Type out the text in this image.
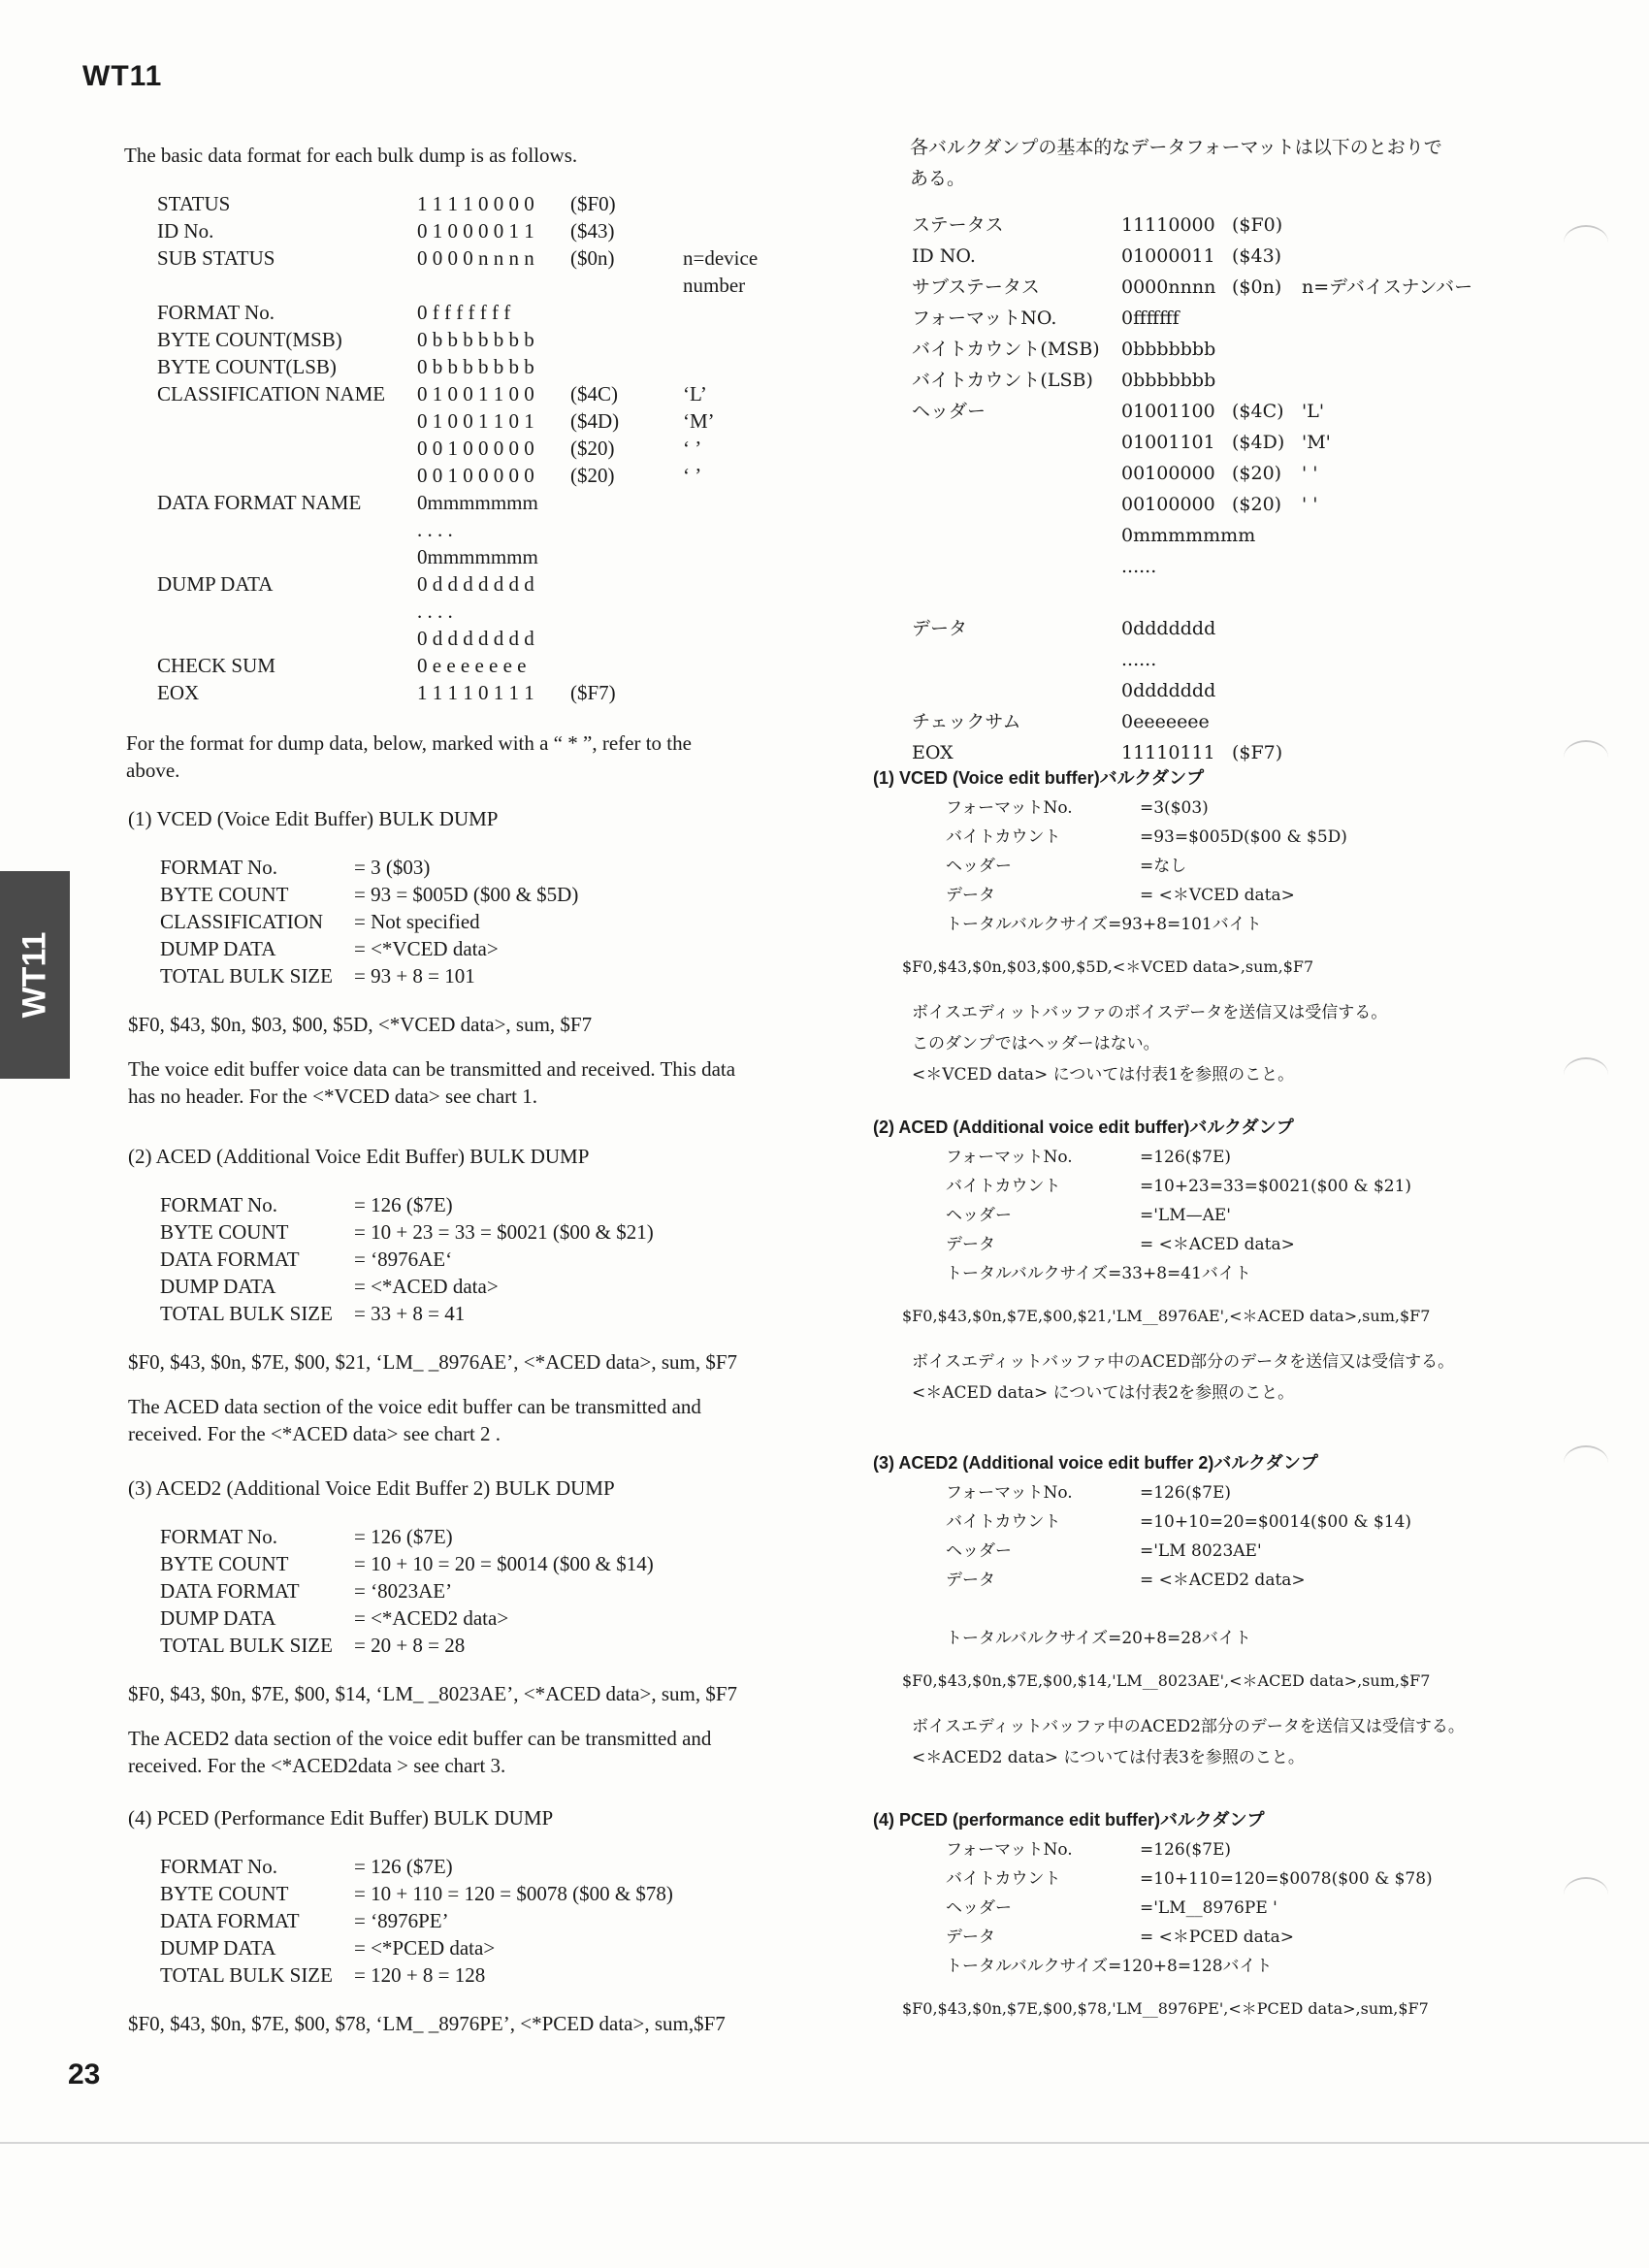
WT11
WT11
23
The basic data format for each bulk dump is as follows.
STATUS	1 1 1 1 0 0 0 0 ($F0)
ID No.	0 1 0 0 0 0 1 1 ($43)
SUB STATUS	0 0 0 0 n n n n ($0n)	n=device
number
FORMAT No.	0 f f f f f f f
BYTE COUNT(MSB)	0 b b b b b b b
BYTE COUNT(LSB)	0 b b b b b b b
CLASSIFICATION NAME 0 1 0 0 1 1 0 0 ($4C)	‘L’
0 1 0 0 1 1 0 1 ($4D)	‘M’
0 0 1 0 0 0 0 0 ($20)	‘ ’
0 0 1 0 0 0 0 0 ($20)	‘ ’
DATA FORMAT NAME	0mmmmmmm
. . . .
0mmmmmmm
DUMP DATA	0 d d d d d d d
. . . .
0 d d d d d d d
CHECK SUM	0 e e e e e e e
EOX	1 1 1 1 0 1 1 1 ($F7)
For the format for dump data, below, marked with a “ * ”, refer to the
above.
(1) VCED (Voice Edit Buffer) BULK DUMP
FORMAT No.	= 3 ($03)
BYTE COUNT	= 93 = $005D ($00 & $5D)
CLASSIFICATION = Not specified
DUMP DATA	= <*VCED data>
TOTAL BULK SIZE = 93 + 8 = 101
$F0, $43, $0n, $03, $00, $5D, <*VCED data>, sum, $F7
The voice edit buffer voice data can be transmitted and received. This data
has no header. For the <*VCED data> see chart 1.
(2) ACED (Additional Voice Edit Buffer) BULK DUMP
FORMAT No.	= 126 ($7E)
BYTE COUNT	= 10 + 23 = 33 = $0021 ($00 & $21)
DATA FORMAT	= ‘8976AE‘
DUMP DATA	= <*ACED data>
TOTAL BULK SIZE = 33 + 8 = 41
$F0, $43, $0n, $7E, $00, $21, ‘LM_ _8976AE’, <*ACED data>, sum, $F7
The ACED data section of the voice edit buffer can be transmitted and
received. For the <*ACED data> see chart 2 .
(3) ACED2 (Additional Voice Edit Buffer 2) BULK DUMP
FORMAT No.	= 126 ($7E)
BYTE COUNT	= 10 + 10 = 20 = $0014 ($00 & $14)
DATA FORMAT	= ‘8023AE’
DUMP DATA	= <*ACED2 data>
TOTAL BULK SIZE = 20 + 8 = 28
$F0, $43, $0n, $7E, $00, $14, ‘LM_ _8023AE’, <*ACED data>, sum, $F7
The ACED2 data section of the voice edit buffer can be transmitted and
received. For the <*ACED2data > see chart 3.
(4) PCED (Performance Edit Buffer) BULK DUMP
FORMAT No.	= 126 ($7E)
BYTE COUNT	= 10 + 110 = 120 = $0078 ($00 & $78)
DATA FORMAT	= ‘8976PE’
DUMP DATA	= <*PCED data>
TOTAL BULK SIZE = 120 + 8 = 128
$F0, $43, $0n, $7E, $00, $78, ‘LM_ _8976PE’, <*PCED data>, sum,$F7
各バルクダンプの基本的なデータフォーマットは以下のとおりで
ある。
ステータス	11110000 ($F0)
ID NO.	01000011 ($43)
サブステータス	0000nnnn ($0n) n=デバイスナンバー
フォーマットNO.	0fffffff
バイトカウント(MSB) 0bbbbbbb
バイトカウント(LSB) 0bbbbbbb
ヘッダー	01001100 ($4C) 'L'
01001101 ($4D) 'M'
00100000 ($20) ' '
00100000 ($20) ' '
0mmmmmmm
......
データ	0ddddddd
......
0ddddddd
チェックサム	0eeeeeee
EOX	11110111 ($F7)
(1) VCED (Voice edit buffer)バルクダンプ
フォーマットNo.	=3($03)
バイトカウント	=93=$005D($00 & $5D)
ヘッダー	=なし
データ	= <＊VCED data>
トータルバルクサイズ=93+8=101バイト
$F0,$43,$0n,$03,$00,$5D,<＊VCED data>,sum,$F7
ボイスエディットバッファのボイスデータを送信又は受信する。
このダンプではヘッダーはない。
<＊VCED data> については付表1を参照のこと。
(2) ACED (Additional voice edit buffer)バルクダンプ
フォーマットNo.	=126($7E)
バイトカウント	=10+23=33=$0021($00 & $21)
ヘッダー	='LM—AE'
データ	= <＊ACED data>
トータルバルクサイズ=33+8=41バイト
$F0,$43,$0n,$7E,$00,$21,'LM__8976AE',<＊ACED data>,sum,$F7
ボイスエディットバッファ中のACED部分のデータを送信又は受信する。
<＊ACED data> については付表2を参照のこと。
(3) ACED2 (Additional voice edit buffer 2)バルクダンプ
フォーマットNo.	=126($7E)
バイトカウント	=10+10=20=$0014($00 & $14)
ヘッダー	='LM 8023AE'
データ	= <＊ACED2 data>
トータルバルクサイズ=20+8=28バイト
$F0,$43,$0n,$7E,$00,$14,'LM__8023AE',<＊ACED data>,sum,$F7
ボイスエディットバッファ中のACED2部分のデータを送信又は受信する。
<＊ACED2 data> については付表3を参照のこと。
(4) PCED (performance edit buffer)バルクダンプ
フォーマットNo.	=126($7E)
バイトカウント	=10+110=120=$0078($00 & $78)
ヘッダー	='LM__8976PE '
データ	= <＊PCED data>
トータルバルクサイズ=120+8=128バイト
$F0,$43,$0n,$7E,$00,$78,'LM__8976PE',<＊PCED data>,sum,$F7
